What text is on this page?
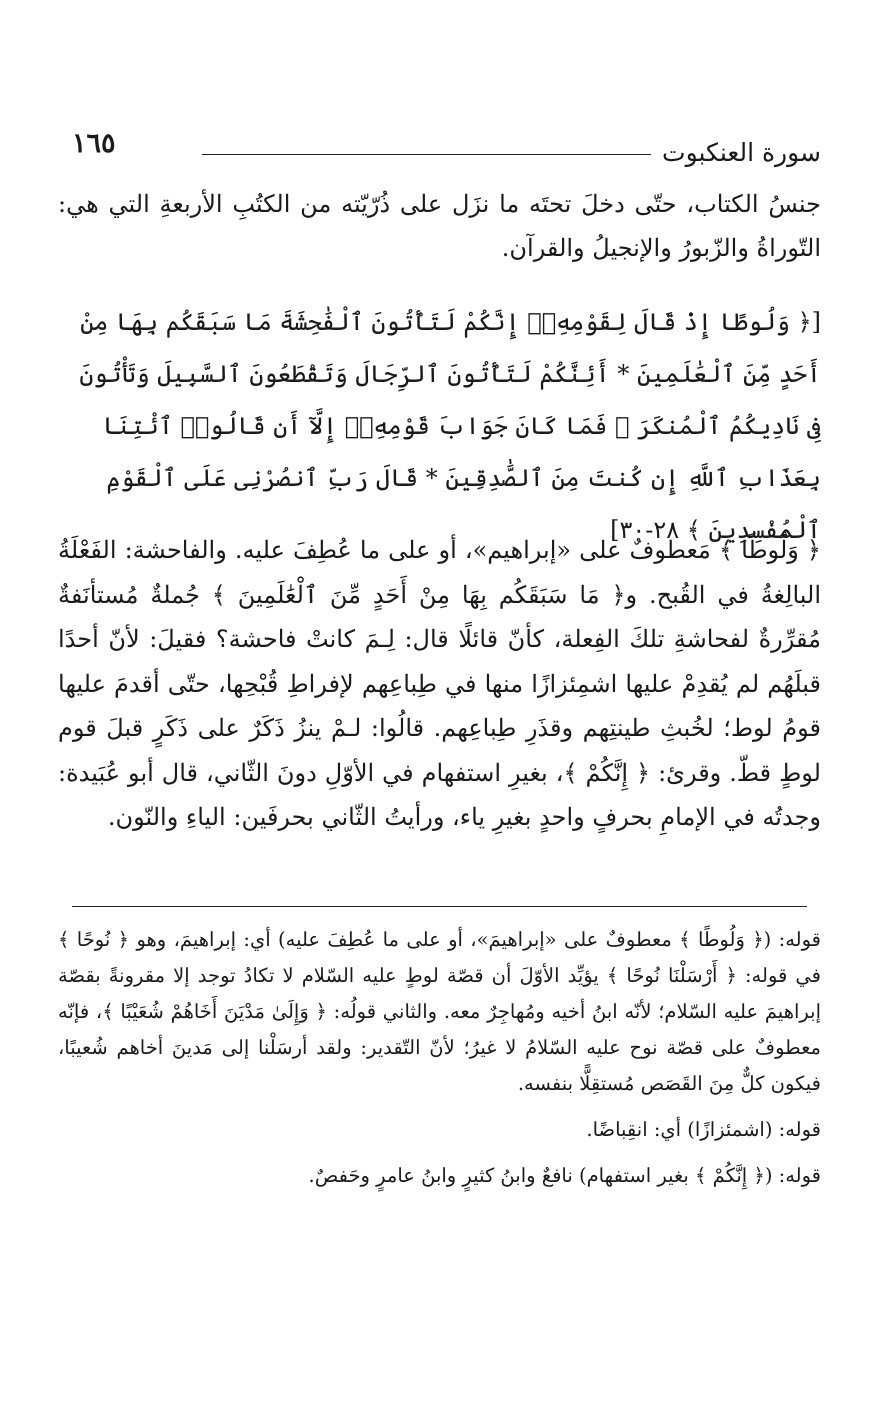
سورة العنكبوت
١٦٥

جنسُ الكتاب، حتّى دخلَ تحتَه ما نزَل على ذُرّيّته من الكتُبِ الأربعةِ التي هي: التّوراةُ والزّبورُ والإنجيلُ والقرآن.

[﴿ وَلُوطًا إِذْ قَالَ لِقَوْمِهِۦٓ إِنَّكُمْ لَتَأْتُونَ ٱلْفَٰحِشَةَ مَا سَبَقَكُم بِهَا مِنْ أَحَدٍ مِّنَ ٱلْعَٰلَمِينَ * أَئِنَّكُمْ لَتَأْتُونَ ٱلرِّجَالَ وَتَقْطَعُونَ ٱلسَّبِيلَ وَتَأْتُونَ فِى نَادِيكُمُ ٱلْمُنكَرَ ۖ فَمَا كَانَ جَوَابَ قَوْمِهِۦٓ إِلَّآ أَن قَالُوا۟ ٱئْتِنَا بِعَذَابِ ٱللَّهِ إِن كُنتَ مِنَ ٱلصَّٰدِقِينَ * قَالَ رَبِّ ٱنصُرْنِى عَلَى ٱلْقَوْمِ ٱلْمُفْسِدِينَ ﴾ ٢٨-٣٠]

﴿ وَلُوطًا ﴾ مَعطوفٌ على «إبراهيم»، أو على ما عُطِفَ عليه. والفاحشة: الفَعْلَةُ البالِغةُ في القُبح. و﴿ مَا سَبَقَكُم بِهَا مِنْ أَحَدٍ مِّنَ ٱلْعَٰلَمِينَ ﴾ جُملةٌ مُستأنَفةٌ مُقرِّرةٌ لفحاشةِ تلكَ الفِعلة، كأنّ قائلًا قال: لِـمَ كانتْ فاحشة؟ فقيلَ: لأنّ أحدًا قبلَهُم لم يُقدِمْ عليها اشمِئزازًا منها في طِباعِهم لإفراطِ قُبْحِها، حتّى أقدمَ عليها قومُ لوط؛ لخُبثِ طينتِهم وقذَرِ طِباعِهم. قالُوا: لـمْ ينزُ ذَكَرٌ على ذَكَرٍ قبلَ قوم لوطٍ قطّ. وقرئ: ﴿ إِنَّكُمْ ﴾، بغيرِ استفهام في الأوّلِ دونَ الثّاني، قال أبو عُبَيدة: وجدتُه في الإمامِ بحرفٍ واحدٍ بغيرِ ياء، ورأيتُ الثّاني بحرفَين: الياءِ والنّون.

قوله: (﴿ وَلُوطًا ﴾ معطوفٌ على «إبراهيمَ»، أو على ما عُطِفَ عليه) أي: إبراهيمَ، وهو ﴿ نُوحًا ﴾ في قوله: ﴿ أَرْسَلْنَا نُوحًا ﴾ يؤيِّد الأوّلَ أن قصّة لوطٍ عليه السّلام لا تكادُ توجد إلا مقرونةً بقصّة إبراهيمَ عليه السّلام؛ لأنّه ابنُ أخيه ومُهاجِرٌ معه. والثاني قولُه: ﴿ وَإِلَىٰ مَدْيَنَ أَخَاهُمْ شُعَيْبًا ﴾، فإنّه معطوفٌ على قصّة نوح عليه السّلامُ لا غيرُ؛ لأنّ التّقدير: ولقد أرسَلْنا إلى مَدينَ أخاهم شُعيبًا، فيكون كلٌّ مِنَ القَصَص مُستقِلًّا بنفسه.

قوله: (اشمئزازًا) أي: انقِباضًا.

قوله: (﴿ إِنَّكُمْ ﴾ بغير استفهام) نافعٌ وابنُ كثيرٍ وابنُ عامرٍ وحَفصٌ.
